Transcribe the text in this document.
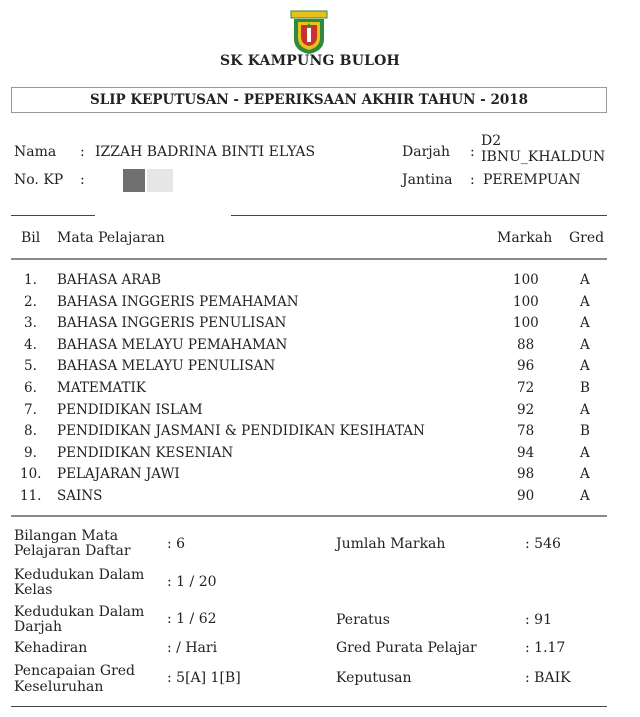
SK KAMPUNG BULOH
SLIP KEPUTUSAN - PEPERIKSAAN AKHIR TAHUN - 2018
Nama : IZZAH BADRINA BINTI ELYAS
No. KP :
Darjah :
D2
IBNU_KHALDUN
Jantina : PEREMPUAN
Bil Mata Pelajaran	Markah Gred
1. BAHASA ARAB	100	A
2. BAHASA INGGERIS PEMAHAMAN	100	A
3. BAHASA INGGERIS PENULISAN	100	A
4. BAHASA MELAYU PEMAHAMAN	88	A
5. BAHASA MELAYU PENULISAN	96	A
6. MATEMATIK	72	B
7. PENDIDIKAN ISLAM	92	A
8. PENDIDIKAN JASMANI & PENDIDIKAN KESIHATAN	78	B
9. PENDIDIKAN KESENIAN	94	A
10. PELAJARAN JAWI	98	A
11. SAINS	90	A
Bilangan Mata
Pelajaran Daftar	: 6	Jumlah Markah	: 546
Kedudukan Dalam
Kelas	: 1 / 20
Kedudukan Dalam
Darjah	: 1 / 62	Peratus	: 91
Kehadiran	: / Hari	Gred Purata Pelajar	: 1.17
Pencapaian Gred
Keseluruhan
: 5[A] 1[B]	Keputusan	: BAIK
